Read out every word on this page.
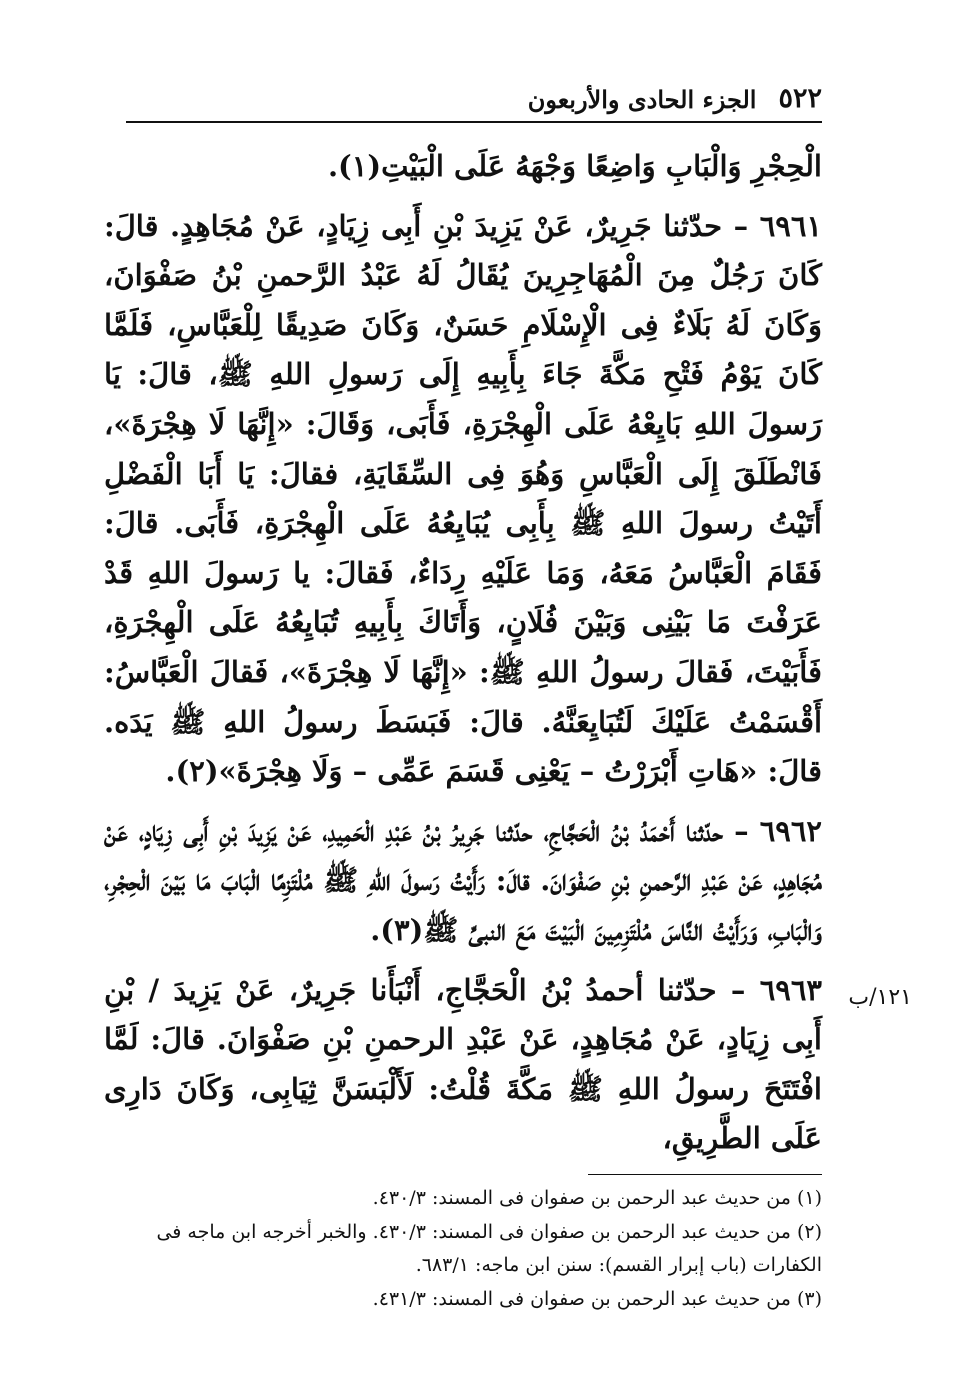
٥٢٢
الجزء الحادى والأربعون

الْحِجْرِ وَالْبَابِ وَاضِعًا وَجْهَهُ عَلَى الْبَيْتِ(١).

٦٩٦١ – حدّثنا جَرِيرٌ، عَنْ يَزِيدَ بْنِ أَبِى زِيَادٍ، عَنْ مُجَاهِدٍ. قالَ: كَانَ رَجُلٌ مِنَ الْمُهَاجِرِينَ يُقَالُ لَهُ عَبْدُ الرَّحمنِ بْنُ صَفْوَانَ، وَكَانَ لَهُ بَلَاءٌ فِى الْإِسْلَامِ حَسَنٌ، وَكَانَ صَدِيقًا لِلْعَبَّاسِ، فَلَمَّا كَانَ يَوْمُ فَتْحِ مَكَّةَ جَاءَ بِأَبِيهِ إِلَى رَسولِ اللهِ ﷺ، قالَ: يَا رَسولَ اللهِ بَايِعْهُ عَلَى الْهِجْرَةِ، فَأَبَى، وَقَالَ: «إِنَّهَا لَا هِجْرَةَ»، فَانْطَلَقَ إِلَى الْعَبَّاسِ وَهُوَ فِى السِّقَايَةِ، فقالَ: يَا أَبَا الْفَضْلِ أَتَيْتُ رسولَ اللهِ ﷺ بِأَبِى يُبَايِعُهُ عَلَى الْهِجْرَةِ، فَأَبَى. قالَ: فَقَامَ الْعَبَّاسُ مَعَهُ، وَمَا عَلَيْهِ رِدَاءٌ، فَقالَ: يا رَسولَ اللهِ قَدْ عَرَفْتَ مَا بَيْنِى وَبَيْنَ فُلَانٍ، وَأَتَاكَ بِأَبِيهِ تُبَايِعُهُ عَلَى الْهِجْرَةِ، فَأَبَيْتَ، فَقالَ رسولُ اللهِ ﷺ: «إِنَّهَا لَا هِجْرَةَ»، فَقالَ الْعَبَّاسُ: أَقْسَمْتُ عَلَيْكَ لَتُبَايِعَنَّهُ. قالَ: فَبَسَطَ رسولُ اللهِ ﷺ يَدَه. قالَ: «هَاتِ أَبْرَرْتُ – يَعْنِى قَسَمَ عَمِّى – وَلَا هِجْرَةَ»(٢).

٦٩٦٢ – حدّثنا أَحْمَدُ بْنُ الْحَجَّاجِ، حدّثنا جَرِيرُ بْنُ عَبْدِ الْحَمِيدِ، عَنْ يَزِيدَ بْنِ أَبِى زِيَادٍ، عَنْ مُجَاهِدٍ، عَنْ عَبْدِ الرَّحمنِ بْنِ صَفْوَانَ. قالَ: رَأَيْتُ رَسولَ اللهِ ﷺ مُلْتَزِمًا الْبَابَ مَا بَيْنَ الْحِجْرِ، وَالْبَابِ، وَرَأَيْتُ النَّاسَ مُلْتَزِمِينَ الْبَيْتَ مَعَ النبىِّ ﷺ(٣).

٦٩٦٣ – حدّثنا أحمدُ بْنُ الْحَجَّاجِ، أَنْبَأَنا جَرِيرٌ، عَنْ يَزِيدَ / بْنِ أَبِى زِيَادٍ، عَنْ مُجَاهِدٍ، عَنْ عَبْدِ الرحمنِ بْنِ صَفْوَانَ. قالَ: لَمَّا افْتَتَحَ رسولُ اللهِ ﷺ مَكَّةَ قُلْتُ: لَأَلْبَسَنَّ ثِيَابِى، وَكَانَ دَارِى عَلَى الطَّرِيقِ،

١٢١/ب

(١) من حديث عبد الرحمن بن صفوان فى المسند: ٤٣٠/٣.

(٢) من حديث عبد الرحمن بن صفوان فى المسند: ٤٣٠/٣. والخبر أخرجه ابن ماجه فى الكفارات (باب إبرار القسم): سنن ابن ماجه: ٦٨٣/١.

(٣) من حديث عبد الرحمن بن صفوان فى المسند: ٤٣١/٣.
